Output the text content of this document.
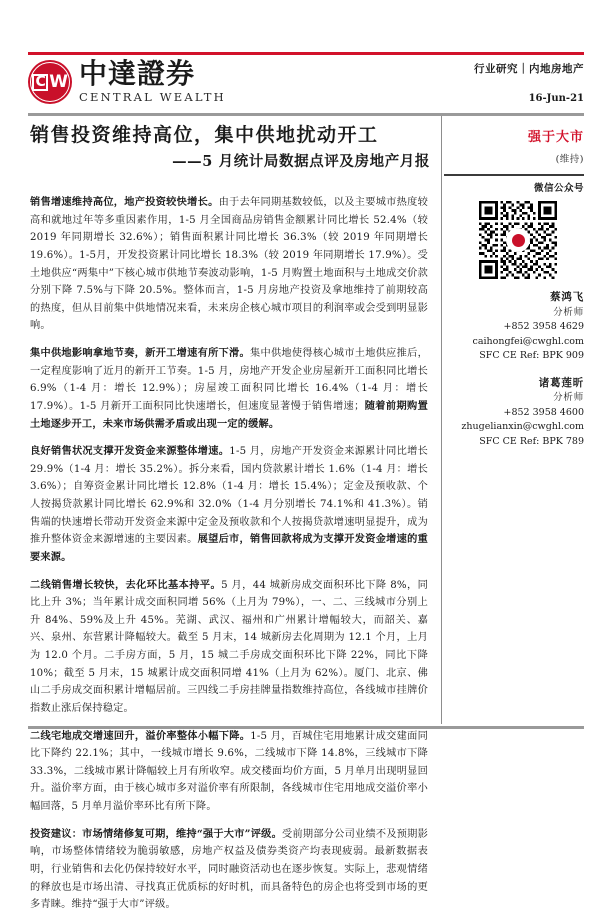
C W 中達證券
CENTRAL WEALTH
行业研究｜内地房地产
16-Jun-21
销售投资维持高位，集中供地扰动开工
——5 月统计局数据点评及房地产月报
强于大市
(维持)
微信公众号
蔡鸿飞
分析师
+852 3958 4629
caihongfei@cwghl.com
SFC CE Ref: BPK 909
诸葛莲昕
分析师
+852 3958 4600
zhugelianxin@cwghl.com
SFC CE Ref: BPK 789

销售增速维持高位，地产投资较快增长。由于去年同期基数较低，以及主要城市热度较高和就地过年等多重因素作用，1-5 月全国商品房销售金额累计同比增长 52.4%（较 2019 年同期增长 32.6%）；销售面积累计同比增长 36.3%（较 2019 年同期增长 19.6%）。1-5月，开发投资累计同比增长 18.3%（较 2019 年同期增长 17.9%）。受土地供应“两集中”下核心城市供地节奏波动影响，1-5 月购置土地面积与土地成交价款分别下降 7.5%与下降 20.5%。整体而言，1-5 月房地产投资及拿地维持了前期较高的热度，但从目前集中供地情况来看，未来房企核心城市项目的利润率或会受到明显影响。

集中供地影响拿地节奏，新开工增速有所下滑。集中供地使得核心城市土地供应推后，一定程度影响了近月的新开工节奏。1-5 月，房地产开发企业房屋新开工面积同比增长 6.9%（1-4 月：增长 12.9%）；房屋竣工面积同比增长 16.4%（1-4 月：增长 17.9%）。1-5 月新开工面积同比快速增长，但速度显著慢于销售增速；随着前期购置土地逐步开工，未来市场供需矛盾或出现一定的缓解。

良好销售状况支撑开发资金来源整体增速。1-5 月，房地产开发资金来源累计同比增长 29.9%（1-4 月：增长 35.2%）。拆分来看，国内贷款累计增长 1.6%（1-4 月：增长 3.6%）；自筹资金累计同比增长 12.8%（1-4 月：增长 15.4%）；定金及预收款、个人按揭贷款累计同比增长 62.9%和 32.0%（1-4 月分别增长 74.1%和 41.3%）。销售端的快速增长带动开发资金来源中定金及预收款和个人按揭贷款增速明显提升，成为推升整体资金来源增速的主要因素。展望后市，销售回款将成为支撑开发资金增速的重要来源。

二线销售增长较快，去化环比基本持平。5 月，44 城新房成交面积环比下降 8%，同比上升 3%；当年累计成交面积同增 56%（上月为 79%），一、二、三线城市分别上升 84%、59%及上升 45%。芜湖、武汉、福州和广州累计增幅较大，而韶关、嘉兴、泉州、东营累计降幅较大。截至 5 月末，14 城新房去化周期为 12.1 个月，上月为 12.0 个月。二手房方面，5 月，15 城二手房成交面积环比下降 22%，同比下降 10%；截至 5 月末，15 城累计成交面积同增 41%（上月为 62%）。厦门、北京、佛山二手房成交面积累计增幅居前。三四线二手房挂牌量指数维持高位，各线城市挂牌价指数止涨后保持稳定。

二线宅地成交增速回升，溢价率整体小幅下降。1-5 月，百城住宅用地累计成交建面同比下降约 22.1%；其中，一线城市增长 9.6%，二线城市下降 14.8%，三线城市下降 33.3%，二线城市累计降幅较上月有所收窄。成交楼面均价方面，5 月单月出现明显回升。溢价率方面，由于核心城市多对溢价率有所限制，各线城市住宅用地成交溢价率小幅回落，5 月单月溢价率环比有所下降。

投资建议：市场情绪修复可期，维持“强于大市”评级。受前期部分公司业绩不及预期影响，市场整体情绪较为脆弱敏感，房地产权益及债券类资产均表现疲弱。最新数据表明，行业销售和去化仍保持较好水平，同时融资活动也在逐步恢复。实际上，悲观情绪的释放也是市场出清、寻找真正优质标的好时机，而具备特色的房企也将受到市场的更多青睐。维持“强于大市”评级。
